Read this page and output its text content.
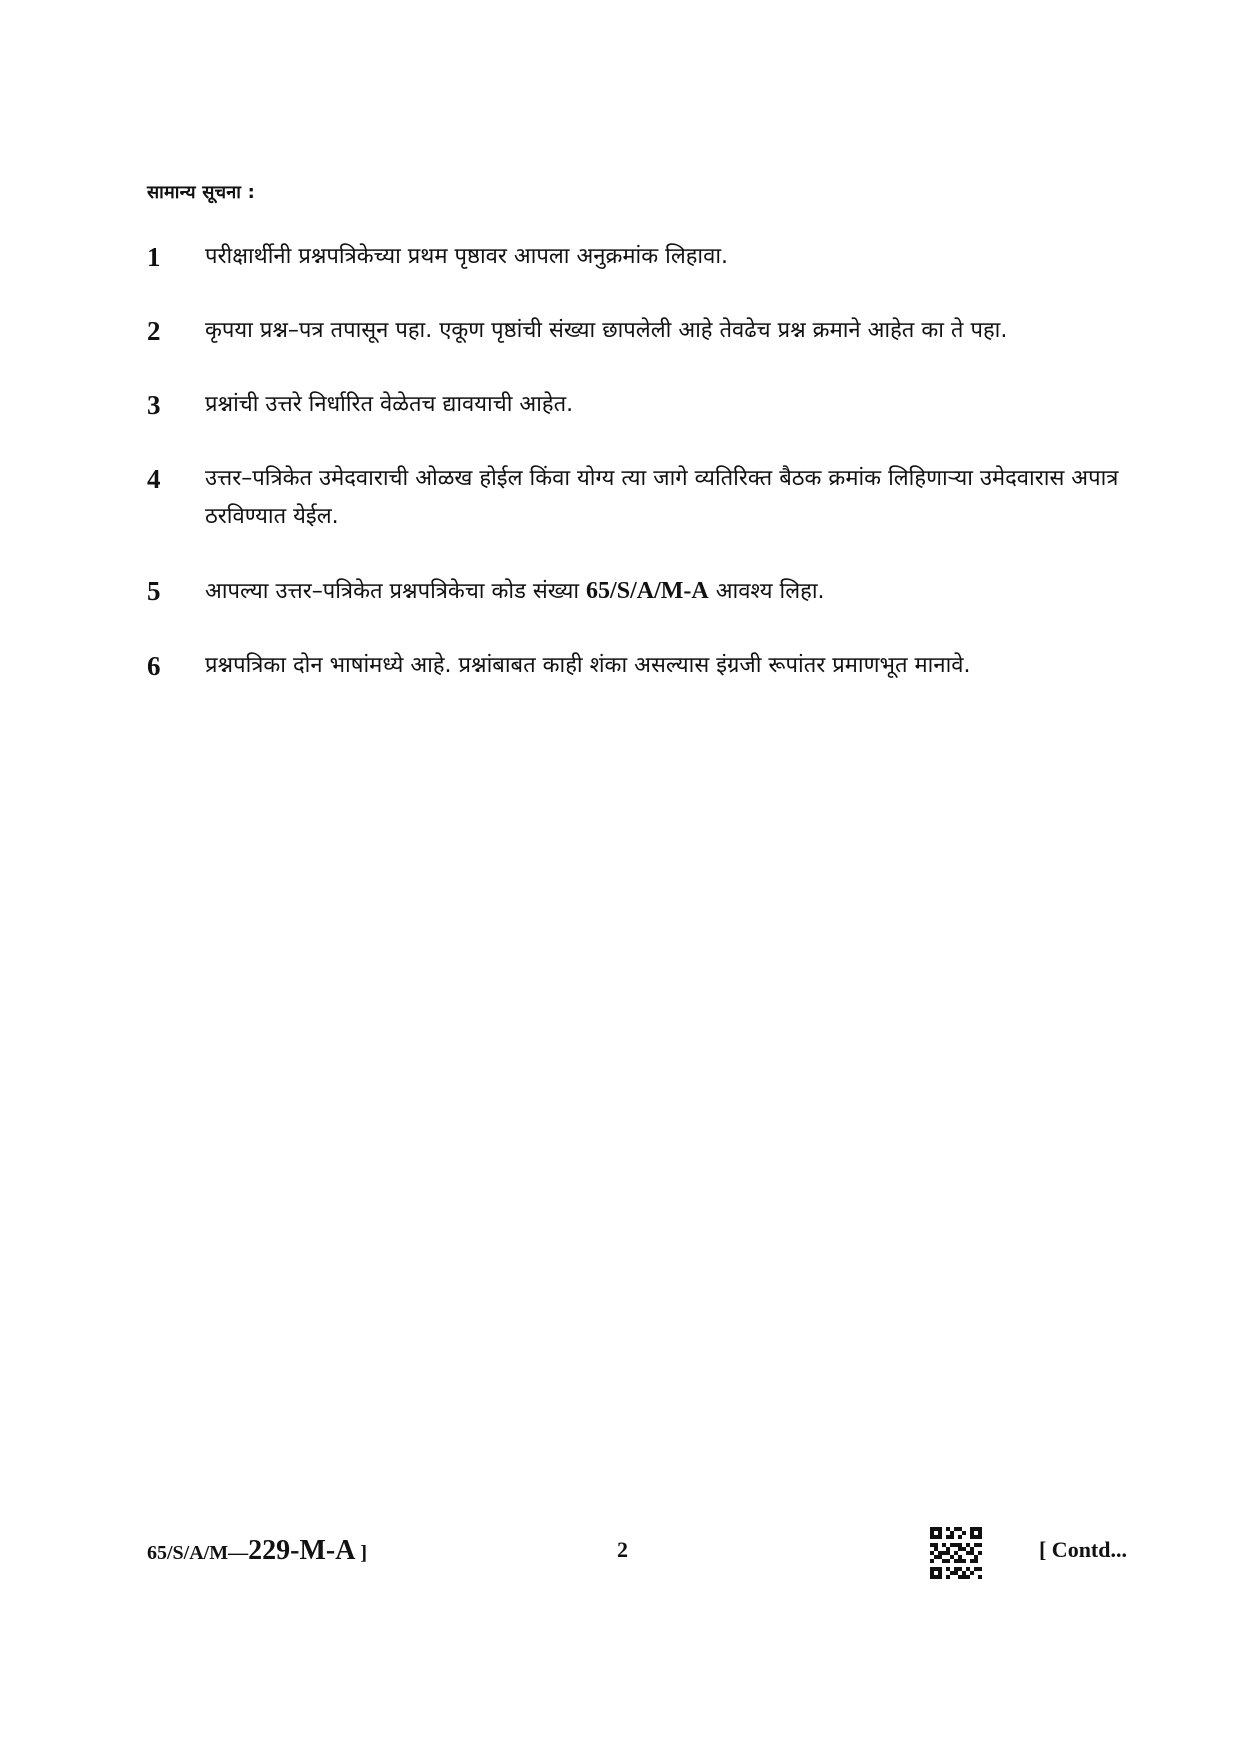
सामान्य सूचना :
1	परीक्षार्थीनी प्रश्नपत्रिकेच्या प्रथम पृष्ठावर आपला अनुक्रमांक लिहावा.
2	कृपया प्रश्न–पत्र तपासून पहा. एकूण पृष्ठांची संख्या छापलेली आहे तेवढेच प्रश्न क्रमाने आहेत का ते पहा.
3	प्रश्नांची उत्तरे निर्धारित वेळेतच द्यावयाची आहेत.
4	उत्तर–पत्रिकेत उमेदवाराची ओळख होईल किंवा योग्य त्या जागे व्यतिरिक्त बैठक क्रमांक लिहिणाऱ्या उमेदवारास अपात्र ठरविण्यात येईल.
5	आपल्या उत्तर–पत्रिकेत प्रश्नपत्रिकेचा कोड संख्या 65/S/A/M-A आवश्य लिहा.
6	प्रश्नपत्रिका दोन भाषांमध्ये आहे. प्रश्नांबाबत काही शंका असल्यास इंग्रजी रूपांतर प्रमाणभूत मानावे.
65/S/A/M—229-M-A ]	2	[ Contd...
